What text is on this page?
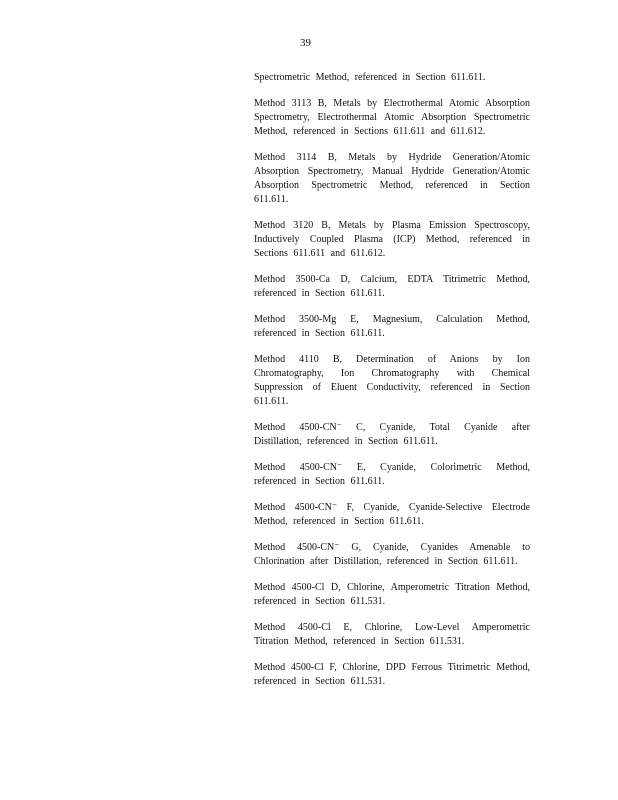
39

Spectrometric Method, referenced in Section 611.611.

Method 3113 B, Metals by Electrothermal Atomic Absorption Spectrometry, Electrothermal Atomic Absorption Spectrometric Method, referenced in Sections 611.611 and 611.612.

Method 3114 B, Metals by Hydride Generation/Atomic Absorption Spectrometry, Manual Hydride Generation/Atomic Absorption Spectrometric Method, referenced in Section 611.611.

Method 3120 B, Metals by Plasma Emission Spectroscopy, Inductively Coupled Plasma (ICP) Method, referenced in Sections 611.611 and 611.612.

Method 3500-Ca D, Calcium, EDTA Titrimetric Method, referenced in Section 611.611.

Method 3500-Mg E, Magnesium, Calculation Method, referenced in Section 611.611.

Method 4110 B, Determination of Anions by Ion Chromatography, Ion Chromatography with Chemical Suppression of Eluent Conductivity, referenced in Section 611.611.

Method 4500-CN⁻ C, Cyanide, Total Cyanide after Distillation, referenced in Section 611.611.

Method 4500-CN⁻ E, Cyanide, Colorimetric Method, referenced in Section 611.611.

Method 4500-CN⁻ F, Cyanide, Cyanide-Selective Electrode Method, referenced in Section 611.611.

Method 4500-CN⁻ G, Cyanide, Cyanides Amenable to Chlorination after Distillation, referenced in Section 611.611.

Method 4500-Cl D, Chlorine, Amperometric Titration Method, referenced in Section 611.531.

Method 4500-Cl E, Chlorine, Low-Level Amperometric Titration Method, referenced in Section 611.531.

Method 4500-Cl F, Chlorine, DPD Ferrous Titrimetric Method, referenced in Section 611.531.
